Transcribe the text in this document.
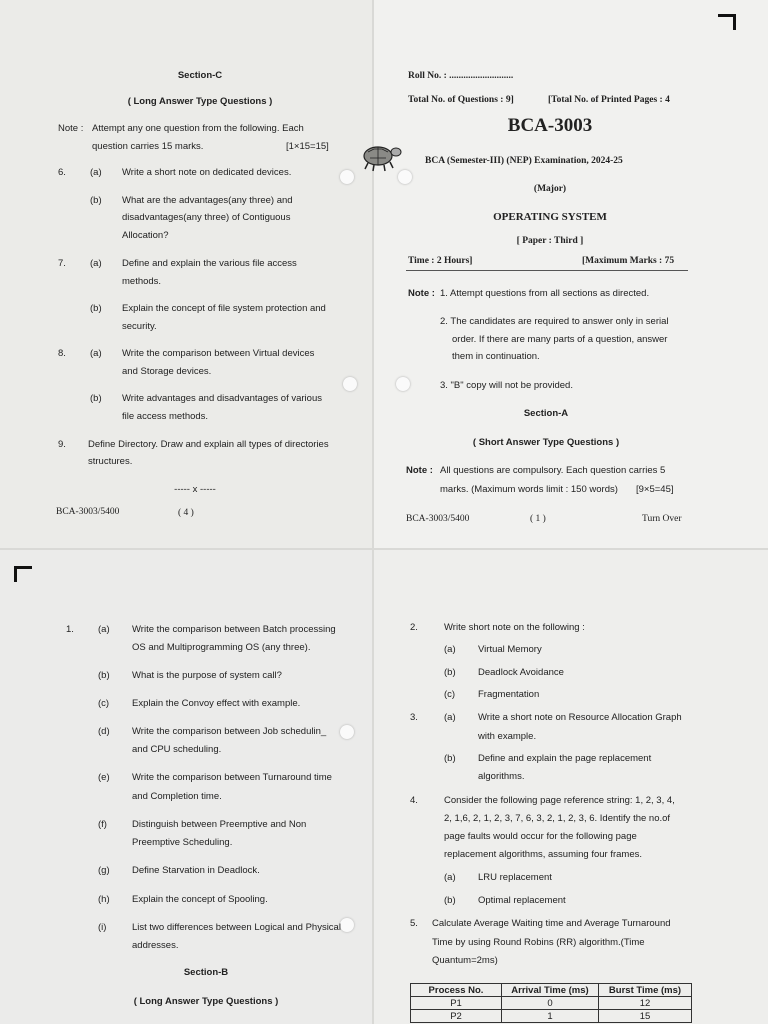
Section-C
( Long Answer Type Questions )
Note : Attempt any one question from the following. Each
question carries 15 marks.	[1×15=15]
6.	(a) Write a short note on dedicated devices.
(b) What are the advantages(any three) and
disadvantages(any three) of Contiguous
Allocation?
7.	(a) Define and explain the various file access
methods.
(b) Explain the concept of file system protection and
security.
8.	(a) Write the comparison between Virtual devices
and Storage devices.
(b) Write advantages and disadvantages of various
file access methods.
9. Define Directory. Draw and explain all types of directories
structures.
----- x -----
BCA-3003/5400	( 4 )
Roll No. : ...........................
Total No. of Questions : 9]	[Total No. of Printed Pages : 4
BCA-3003
BCA (Semester-III) (NEP) Examination, 2024-25
(Major)
OPERATING SYSTEM
[ Paper : Third ]
Time : 2 Hours]	[Maximum Marks : 75
Note : 1. Attempt questions from all sections as directed.
2. The candidates are required to answer only in serial
order. If there are many parts of a question, answer
them in continuation.
3. "B" copy will not be provided.
Section-A
( Short Answer Type Questions )
Note : All questions are compulsory. Each question carries 5
marks. (Maximum words limit : 150 words) [9×5=45]
BCA-3003/5400	( 1 )	Turn Over
1.	(a) Write the comparison between Batch processing
OS and Multiprogramming OS (any three).
(b) What is the purpose of system call?
(c) Explain the Convoy effect with example.
(d) Write the comparison between Job schedulin_
and CPU scheduling.
(e) Write the comparison between Turnaround time
and Completion time.
(f)	Distinguish between Preemptive and Non
Preemptive Scheduling.
(g) Define Starvation in Deadlock.
(h) Explain the concept of Spooling.
(i)	List two differences between Logical and Physical
addresses.
Section-B
( Long Answer Type Questions )
2.	Write short note on the following :
(a) Virtual Memory
(b) Deadlock Avoidance
(c) Fragmentation
3.	(a) Write a short note on Resource Allocation Graph
with example.
(b) Define and explain the page replacement
algorithms.
4.	Consider the following page reference string: 1, 2, 3, 4,
2, 1,6, 2, 1, 2, 3, 7, 6, 3, 2, 1, 2, 3, 6. Identify the no.of
page faults would occur for the following page
replacement algorithms, assuming four frames.
(a) LRU replacement
(b) Optimal replacement
5. Calculate Average Waiting time and Average Turnaround
Time by using Round Robins (RR) algorithm.(Time
Quantum=2ms)
Process No.	Arrival Time (ms)	Burst Time (ms)
P1	0	12
P2	1	15
